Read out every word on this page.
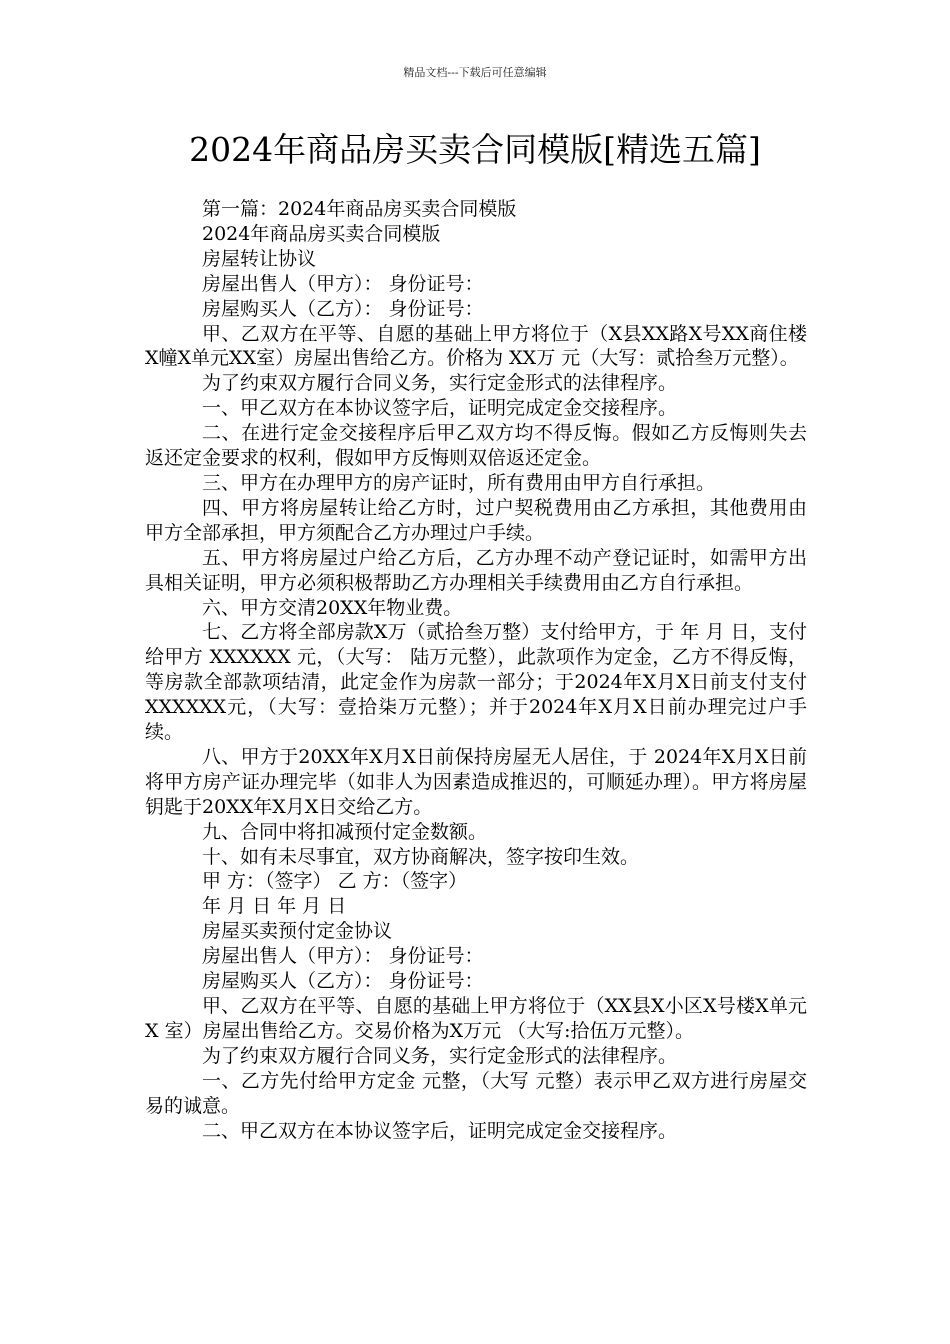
精品文档---下载后可任意编辑
2024年商品房买卖合同模版[精选五篇]

第一篇：2024年商品房买卖合同模版

2024年商品房买卖合同模版

房屋转让协议

房屋出售人（甲方）： 身份证号：

房屋购买人（乙方）： 身份证号：

甲、乙双方在平等、自愿的基础上甲方将位于（X县XX路X号XX商住楼X幢X单元XX室）房屋出售给乙方。价格为 XX万 元（大写：贰拾叁万元整）。

为了约束双方履行合同义务，实行定金形式的法律程序。

一、甲乙双方在本协议签字后，证明完成定金交接程序。

二、在进行定金交接程序后甲乙双方均不得反悔。假如乙方反悔则失去返还定金要求的权利，假如甲方反悔则双倍返还定金。

三、甲方在办理甲方的房产证时，所有费用由甲方自行承担。

四、甲方将房屋转让给乙方时，过户契税费用由乙方承担，其他费用由甲方全部承担，甲方须配合乙方办理过户手续。

五、甲方将房屋过户给乙方后，乙方办理不动产登记证时，如需甲方出具相关证明，甲方必须积极帮助乙方办理相关手续费用由乙方自行承担。

六、甲方交清20XX年物业费。

七、乙方将全部房款X万（贰拾叁万整）支付给甲方，于 年 月 日，支付给甲方 XXXXXX 元，（大写： 陆万元整），此款项作为定金，乙方不得反悔，等房款全部款项结清，此定金作为房款一部分；于2024年X月X日前支付支付 XXXXXX元，（大写：壹拾柒万元整）；并于2024年X月X日前办理完过户手续。

八、甲方于20XX年X月X日前保持房屋无人居住，于 2024年X月X日前将甲方房产证办理完毕（如非人为因素造成推迟的，可顺延办理）。甲方将房屋钥匙于20XX年X月X日交给乙方。

九、合同中将扣减预付定金数额。

十、如有未尽事宜，双方协商解决，签字按印生效。

甲 方：（签字） 乙 方：（签字）

年 月 日 年 月 日

房屋买卖预付定金协议

房屋出售人（甲方）： 身份证号：

房屋购买人（乙方）： 身份证号：

甲、乙双方在平等、自愿的基础上甲方将位于（XX县X小区X号楼X单元X 室）房屋出售给乙方。交易价格为X万元 （大写:拾伍万元整）。

为了约束双方履行合同义务，实行定金形式的法律程序。

一、乙方先付给甲方定金 元整，（大写 元整）表示甲乙双方进行房屋交易的诚意。

二、甲乙双方在本协议签字后，证明完成定金交接程序。
